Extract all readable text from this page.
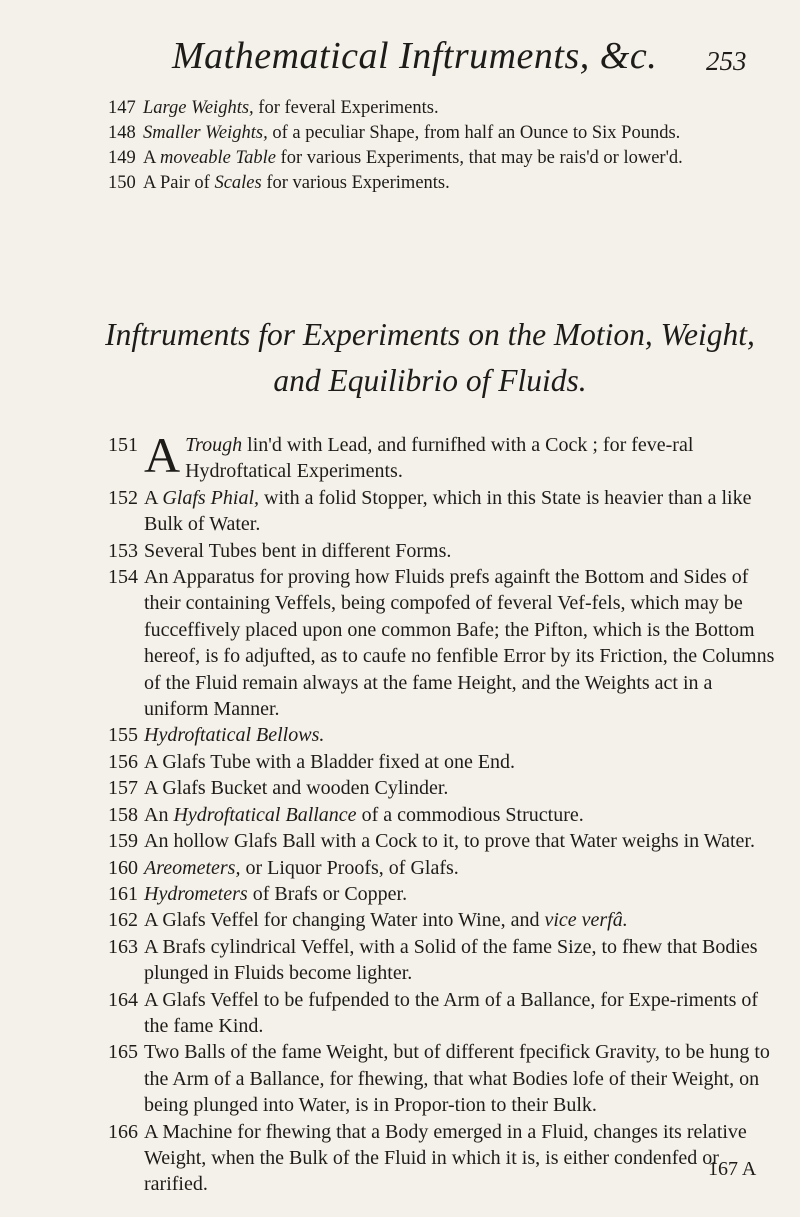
Mathematical Inftruments, &c. 253
147 Large Weights, for feveral Experiments.
148 Smaller Weights, of a peculiar Shape, from half an Ounce to Six Pounds.
149 A moveable Table for various Experiments, that may be rais'd or lower'd.
150 A Pair of Scales for various Experiments.
Inftruments for Experiments on the Motion, Weight,
and Equilibrio of Fluids.
151 A Trough lin'd with Lead, and furnifhed with a Cock ; for feve-ral Hydroftatical Experiments.
152 A Glafs Phial, with a folid Stopper, which in this State is heavier than a like Bulk of Water.
153 Several Tubes bent in different Forms.
154 An Apparatus for proving how Fluids prefs againft the Bottom and Sides of their containing Veffels, being compofed of feveral Vef-fels, which may be fucceffively placed upon one common Bafe; the Pifton, which is the Bottom hereof, is fo adjufted, as to caufe no fenfible Error by its Friction, the Columns of the Fluid remain always at the fame Height, and the Weights act in a uniform Manner.
155 Hydroftatical Bellows.
156 A Glafs Tube with a Bladder fixed at one End.
157 A Glafs Bucket and wooden Cylinder.
158 An Hydroftatical Ballance of a commodious Structure.
159 An hollow Glafs Ball with a Cock to it, to prove that Water weighs in Water.
160 Areometers, or Liquor Proofs, of Glafs.
161 Hydrometers of Brafs or Copper.
162 A Glafs Veffel for changing Water into Wine, and vice verfâ.
163 A Brafs cylindrical Veffel, with a Solid of the fame Size, to fhew that Bodies plunged in Fluids become lighter.
164 A Glafs Veffel to be fufpended to the Arm of a Ballance, for Expe-riments of the fame Kind.
165 Two Balls of the fame Weight, but of different fpecifick Gravity, to be hung to the Arm of a Ballance, for fhewing, that what Bodies lofe of their Weight, on being plunged into Water, is in Propor-tion to their Bulk.
166 A Machine for fhewing that a Body emerged in a Fluid, changes its relative Weight, when the Bulk of the Fluid in which it is, is either condenfed or rarified.
167 A
